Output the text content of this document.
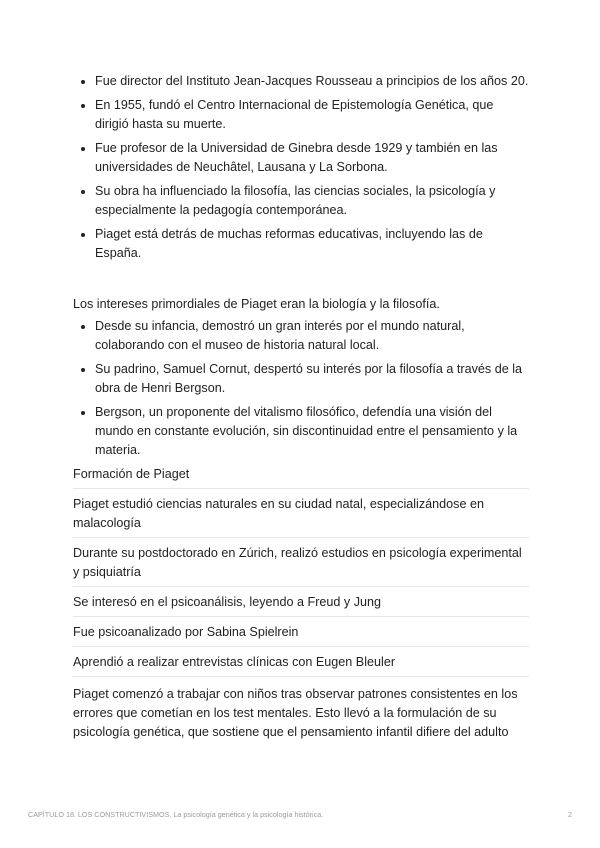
Fue director del Instituto Jean-Jacques Rousseau a principios de los años 20.
En 1955, fundó el Centro Internacional de Epistemología Genética, que dirigió hasta su muerte.
Fue profesor de la Universidad de Ginebra desde 1929 y también en las universidades de Neuchâtel, Lausana y La Sorbona.
Su obra ha influenciado la filosofía, las ciencias sociales, la psicología y especialmente la pedagogía contemporánea.
Piaget está detrás de muchas reformas educativas, incluyendo las de España.

Los intereses primordiales de Piaget eran la biología y la filosofía.

Desde su infancia, demostró un gran interés por el mundo natural, colaborando con el museo de historia natural local.
Su padrino, Samuel Cornut, despertó su interés por la filosofía a través de la obra de Henri Bergson.
Bergson, un proponente del vitalismo filosófico, defendía una visión del mundo en constante evolución, sin discontinuidad entre el pensamiento y la materia.
Formación de Piaget
Piaget estudió ciencias naturales en su ciudad natal, especializándose en malacología
Durante su postdoctorado en Zúrich, realizó estudios en psicología experimental y psiquiatría
Se interesó en el psicoanálisis, leyendo a Freud y Jung
Fue psicoanalizado por Sabina Spielrein
Aprendió a realizar entrevistas clínicas con Eugen Bleuler
Piaget comenzó a trabajar con niños tras observar patrones consistentes en los errores que cometían en los test mentales. Esto llevó a la formulación de su psicología genética, que sostiene que el pensamiento infantil difiere del adulto
CAPÍTULO 18. LOS CONSTRUCTIVISMOS. La psicología genética y la psicología histórica.	2
